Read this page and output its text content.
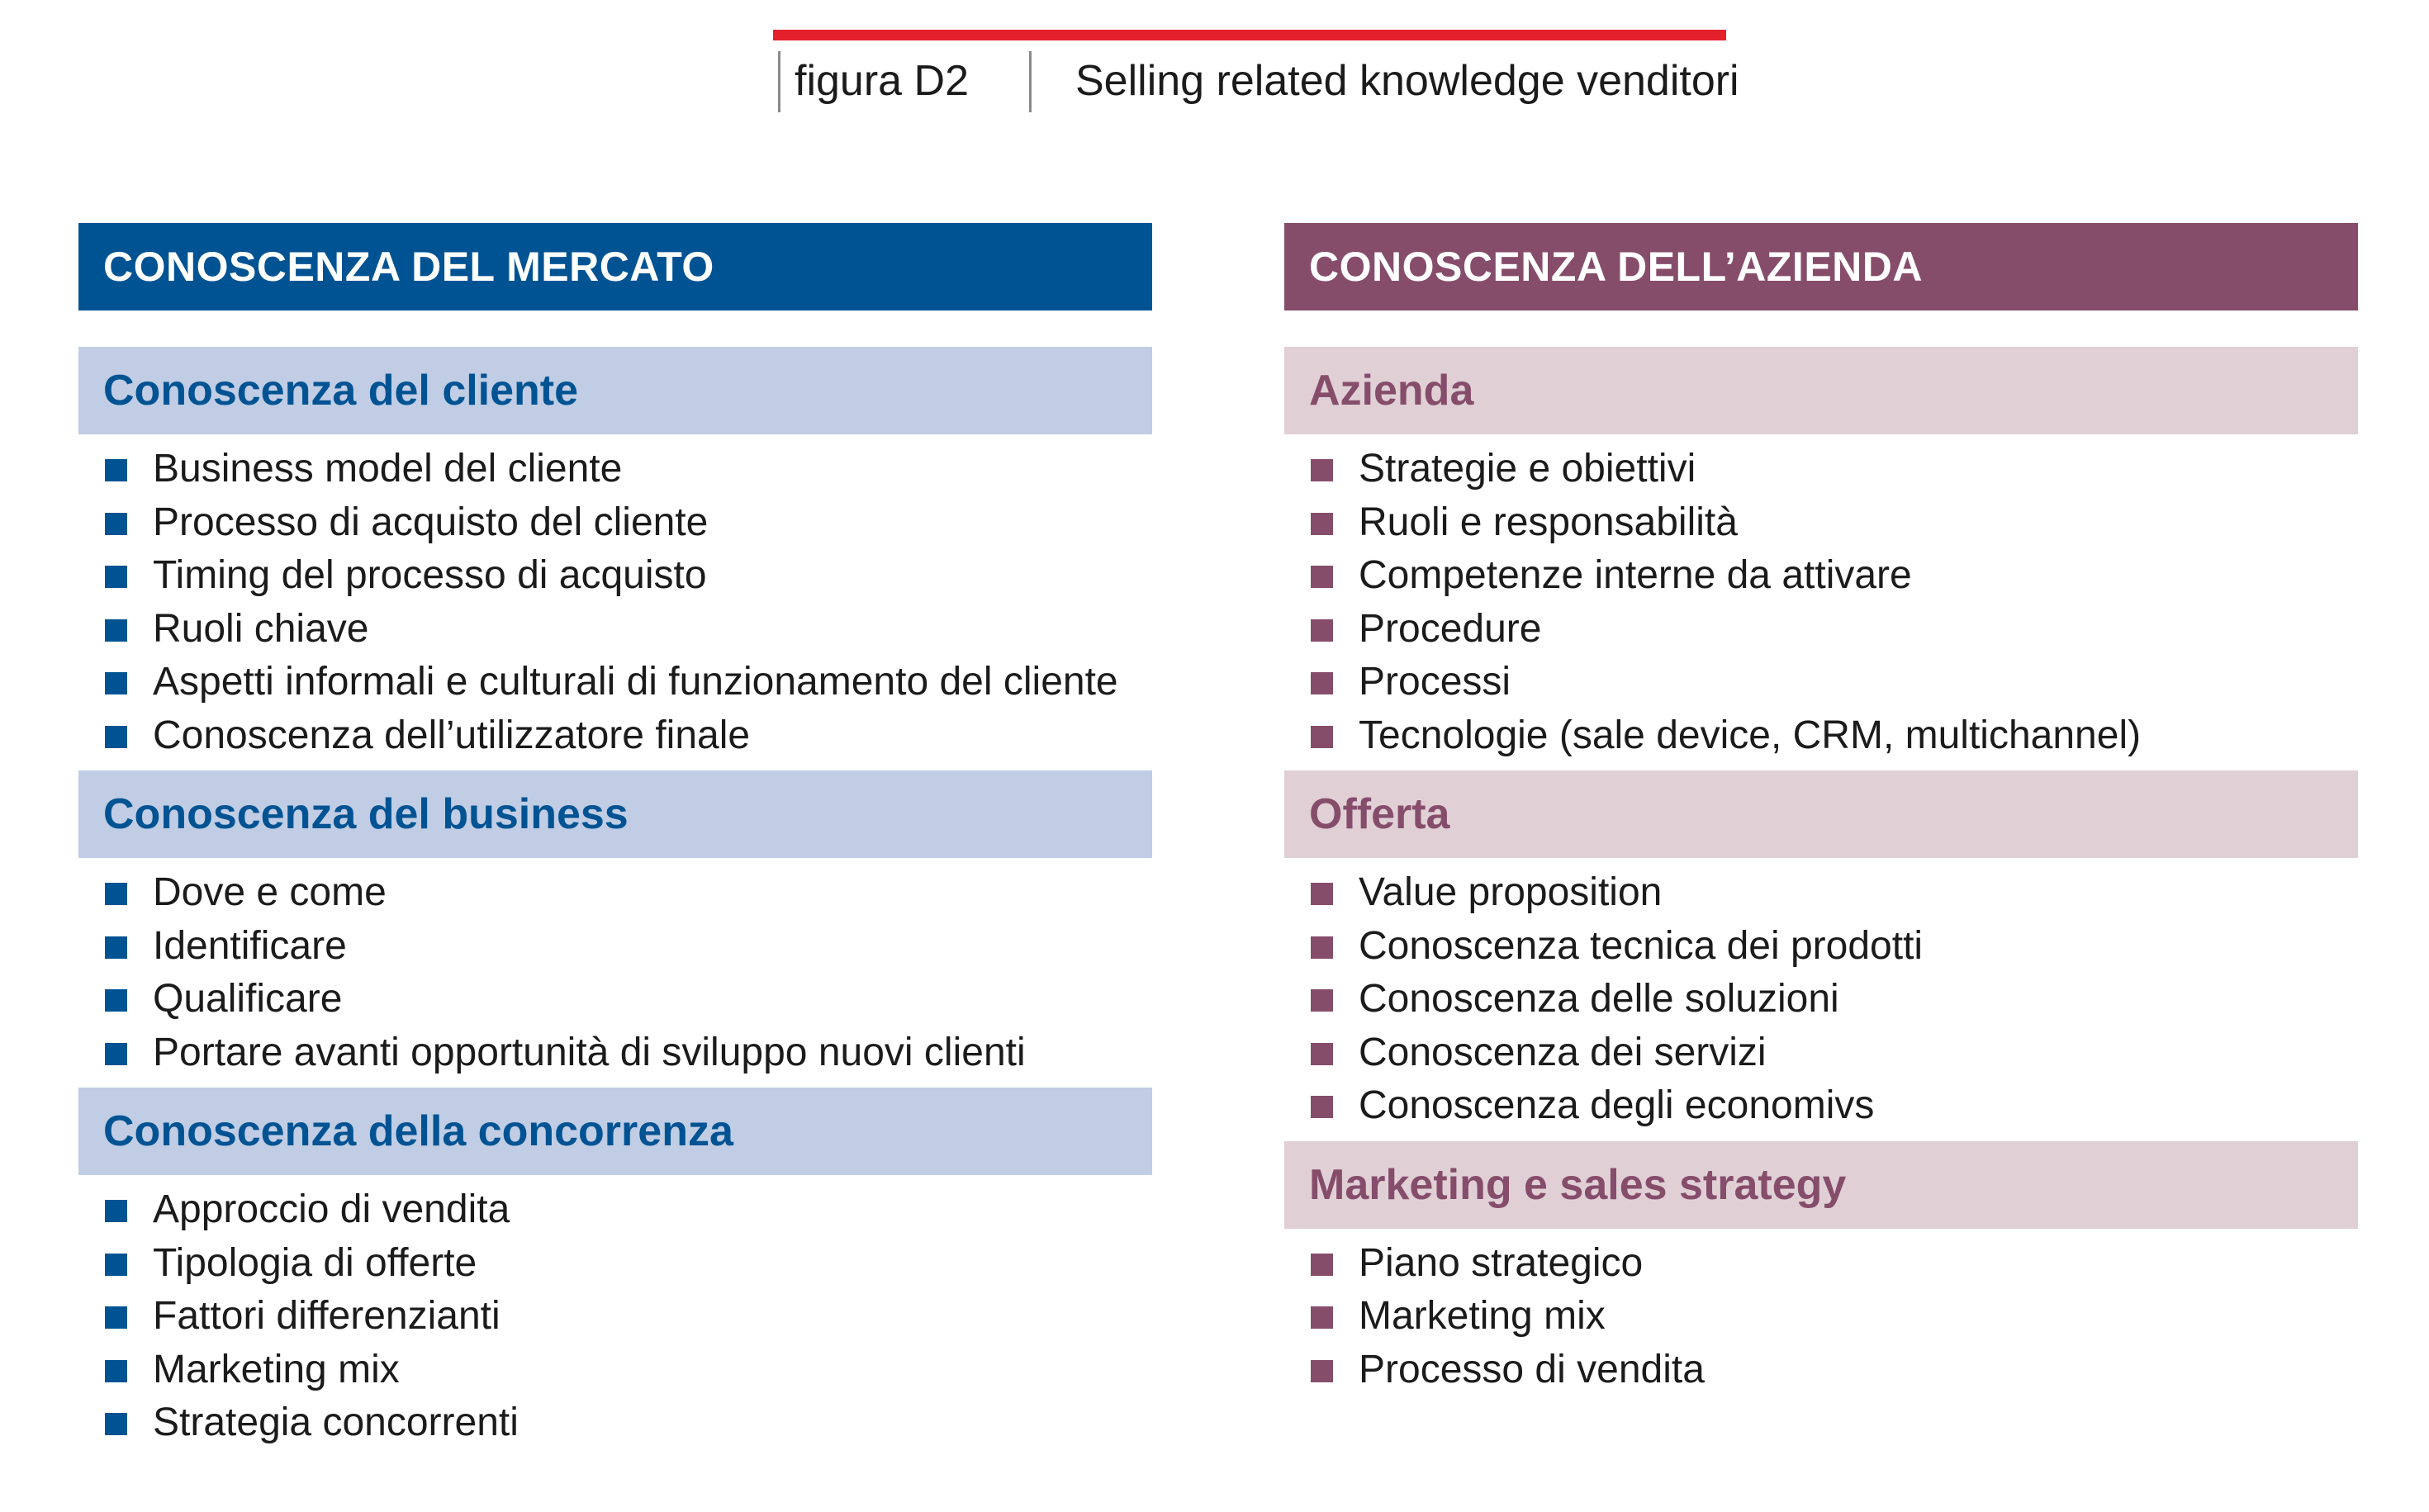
figura D2 Selling related knowledge venditori
CONOSCENZA DEL MERCATO
Conoscenza del cliente
Business model del cliente
Processo di acquisto del cliente
Timing del processo di acquisto
Ruoli chiave
Aspetti informali e culturali di funzionamento del cliente
Conoscenza dell’utilizzatore finale
Conoscenza del business
Dove e come
Identificare
Qualificare
Portare avanti opportunità di sviluppo nuovi clienti
Conoscenza della concorrenza
Approccio di vendita
Tipologia di offerte
Fattori differenzianti
Marketing mix
Strategia concorrenti
CONOSCENZA DELL’AZIENDA
Azienda
Strategie e obiettivi
Ruoli e responsabilità
Competenze interne da attivare
Procedure
Processi
Tecnologie (sale device, CRM, multichannel)
Offerta
Value proposition
Conoscenza tecnica dei prodotti
Conoscenza delle soluzioni
Conoscenza dei servizi
Conoscenza degli economivs
Marketing e sales strategy
Piano strategico
Marketing mix
Processo di vendita
